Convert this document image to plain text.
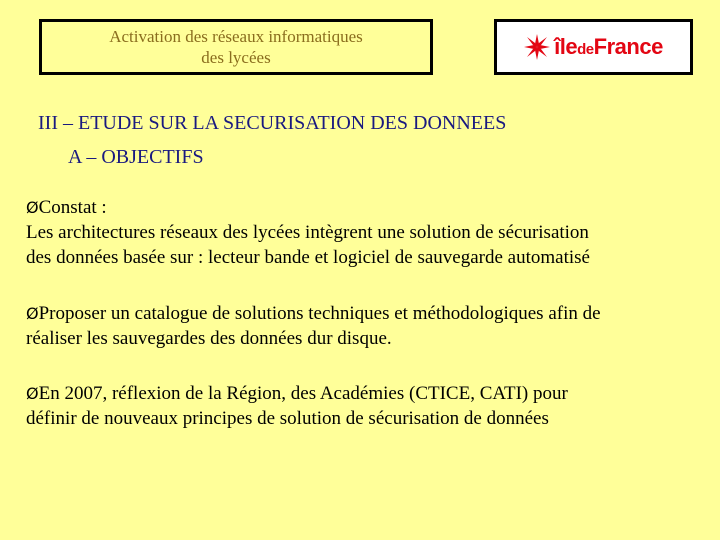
Activation des réseaux informatiques
des lycées	îledeFrance
III – ETUDE SUR LA SECURISATION DES DONNEES
A – OBJECTIFS
ØConstat :
Les architectures réseaux des lycées intègrent une solution de sécurisation
des données basée sur : lecteur bande et logiciel de sauvegarde automatisé
ØProposer un catalogue de solutions techniques et méthodologiques afin de
réaliser les sauvegardes des données dur disque.
ØEn 2007, réflexion de la Région, des Académies (CTICE, CATI) pour
définir de nouveaux principes de solution de sécurisation de données
